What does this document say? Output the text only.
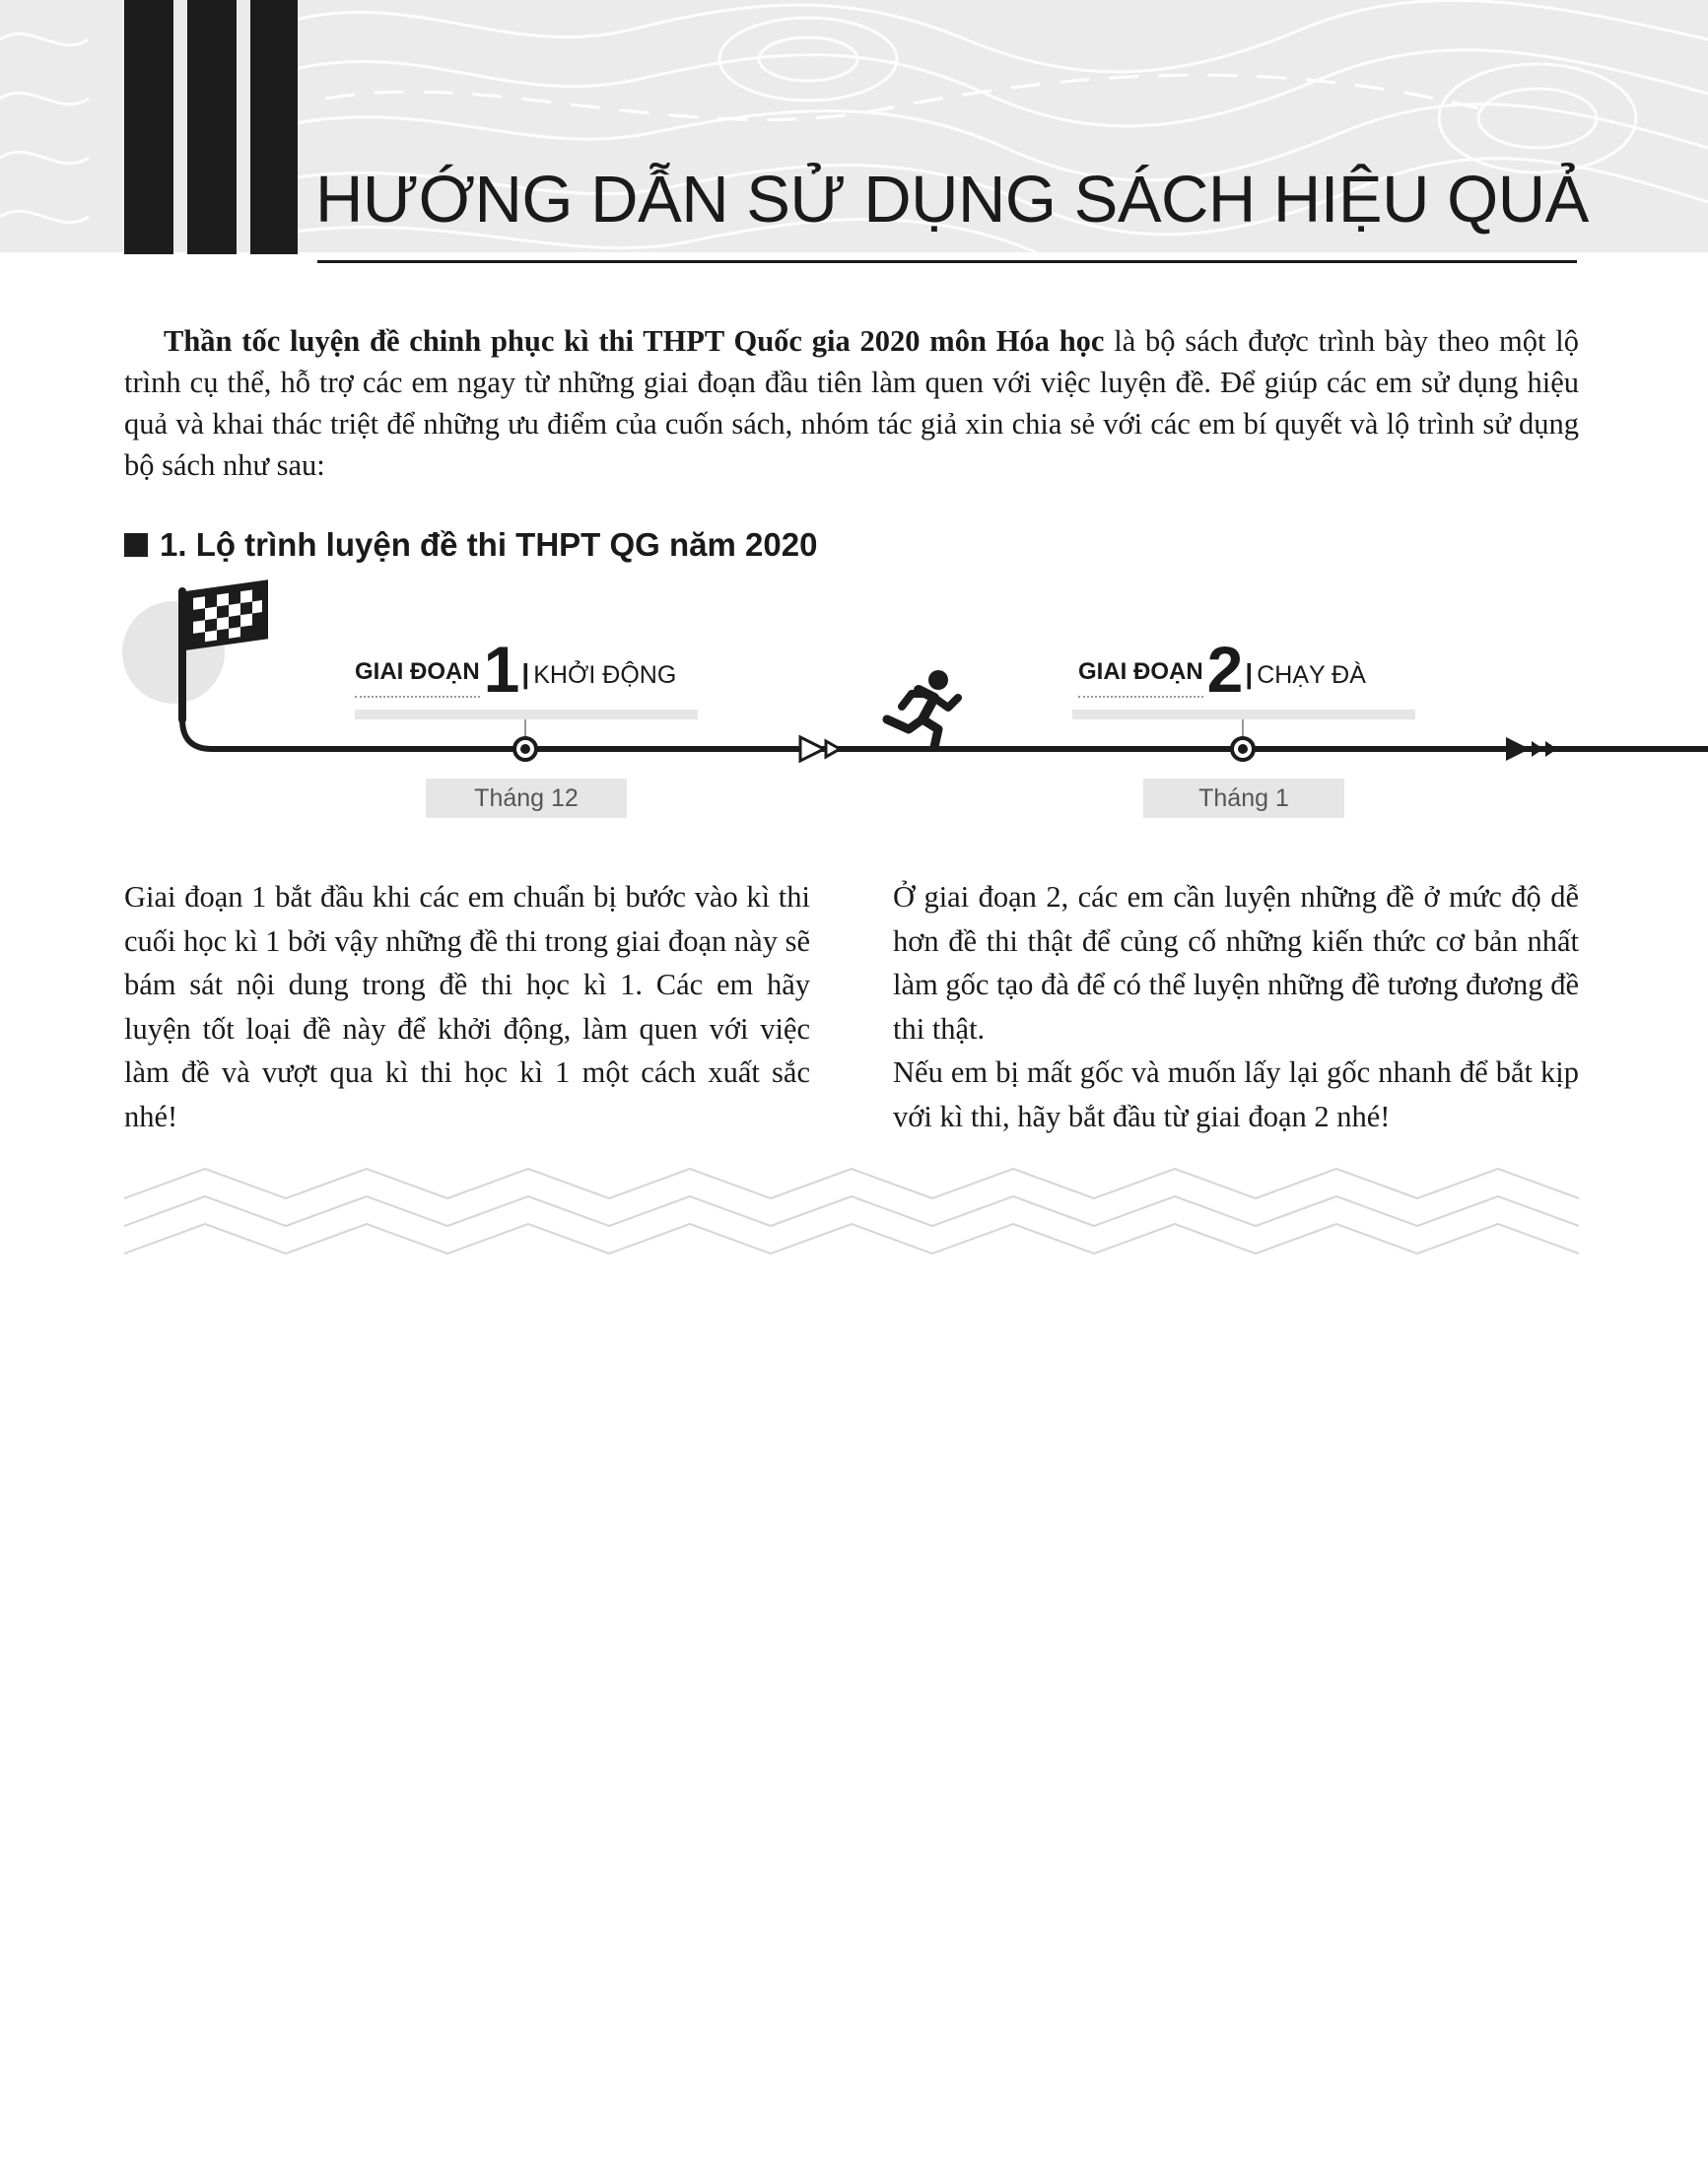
HƯỚNG DẪN SỬ DỤNG SÁCH HIỆU QUẢ
Thần tốc luyện đề chinh phục kì thi THPT Quốc gia 2020 môn Hóa học là bộ sách được trình bày theo một lộ trình cụ thể, hỗ trợ các em ngay từ những giai đoạn đầu tiên làm quen với việc luyện đề. Để giúp các em sử dụng hiệu quả và khai thác triệt để những ưu điểm của cuốn sách, nhóm tác giả xin chia sẻ với các em bí quyết và lộ trình sử dụng bộ sách như sau:
1. Lộ trình luyện đề thi THPT QG năm 2020
GIAI ĐOẠN 1 | KHỞI ĐỘNG	GIAI ĐOẠN 2 | CHẠY ĐÀ
Tháng 12	Tháng 1

Giai đoạn 1 bắt đầu khi các em chuẩn bị bước vào kì thi cuối học kì 1 bởi vậy những đề thi trong giai đoạn này sẽ bám sát nội dung trong đề thi học kì 1. Các em hãy luyện tốt loại đề này để khởi động, làm quen với việc làm đề và vượt qua kì thi học kì 1 một cách xuất sắc nhé!

Ở giai đoạn 2, các em cần luyện những đề ở mức độ dễ hơn đề thi thật để củng cố những kiến thức cơ bản nhất làm gốc tạo đà để có thể luyện những đề tương đương đề thi thật.

Nếu em bị mất gốc và muốn lấy lại gốc nhanh để bắt kịp với kì thi, hãy bắt đầu từ giai đoạn 2 nhé!
